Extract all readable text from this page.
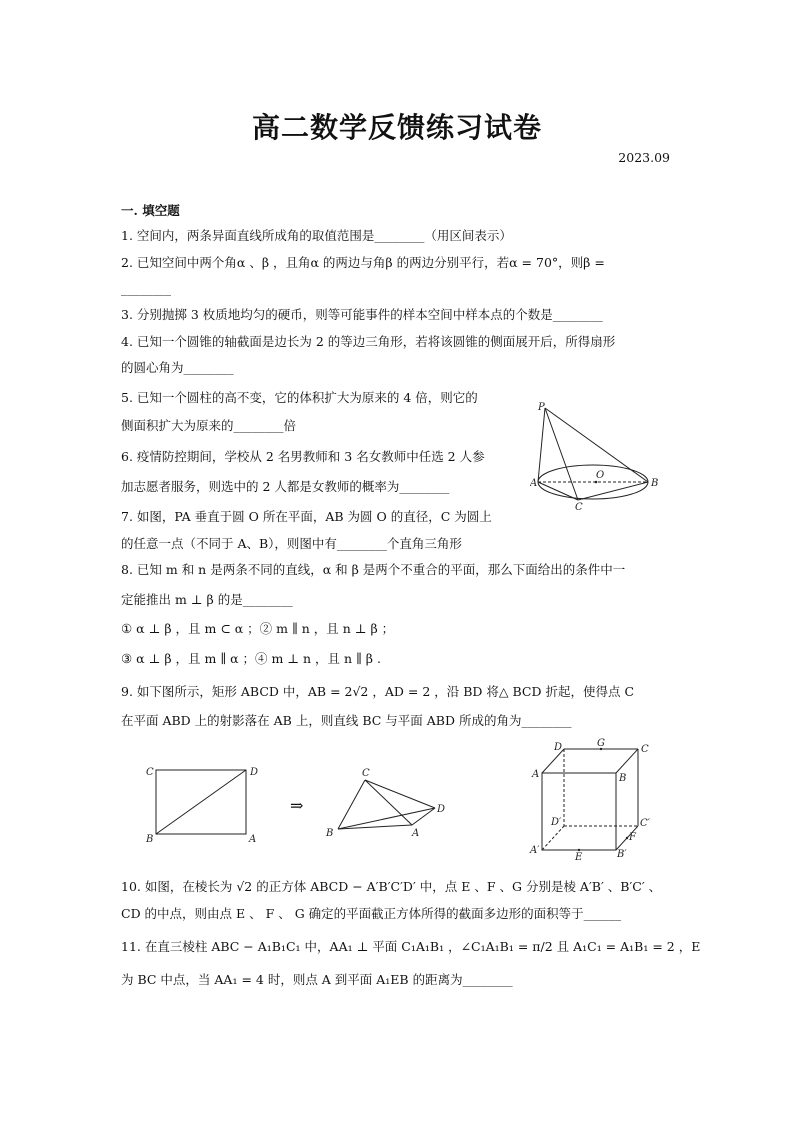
高二数学反馈练习试卷
2023.09
一. 填空题
1. 空间内，两条异面直线所成角的取值范围是________（用区间表示）
2. 已知空间中两个角α 、β ，且角α 的两边与角β 的两边分别平行，若α = 70°，则β =
________
3. 分别抛掷 3 枚质地均匀的硬币，则等可能事件的样本空间中样本点的个数是________
4. 已知一个圆锥的轴截面是边长为 2 的等边三角形，若将该圆锥的侧面展开后，所得扇形
的圆心角为________
5. 已知一个圆柱的高不变，它的体积扩大为原来的 4 倍，则它的
侧面积扩大为原来的________倍
6. 疫情防控期间，学校从 2 名男教师和 3 名女教师中任选 2 人参
加志愿者服务，则选中的 2 人都是女教师的概率为________
7. 如图，PA 垂直于圆 O 所在平面，AB 为圆 O 的直径，C 为圆上
的任意一点（不同于 A、B），则图中有________个直角三角形
8. 已知 m 和 n 是两条不同的直线，α 和 β 是两个不重合的平面，那么下面给出的条件中一
定能推出 m ⊥ β 的是________
① α ⊥ β ，且 m ⊂ α ；② m ∥ n ，且 n ⊥ β ；
③ α ⊥ β ，且 m ∥ α ；④ m ⊥ n ，且 n ∥ β .
9. 如下图所示，矩形 ABCD 中，AB = 2√2 ，AD = 2 ，沿 BD 将△ BCD 折起，使得点 C
在平面 ABD 上的射影落在 AB 上，则直线 BC 与平面 ABD 所成的角为________
10. 如图，在棱长为 √2 的正方体 ABCD − A′B′C′D′ 中，点 E 、F 、G 分别是棱 A′B′ 、B′C′ 、
CD 的中点，则由点 E 、 F 、 G 确定的平面截正方体所得的截面多边形的面积等于______
11. 在直三棱柱 ABC − A₁B₁C₁ 中，AA₁ ⊥ 平面 C₁A₁B₁ ，∠C₁A₁B₁ = π/2 且 A₁C₁ = A₁B₁ = 2 ，E
为 BC 中点，当 AA₁ = 4 时，则点 A 到平面 A₁EB 的距离为________
P
O
A	B
C
C	D
B	A
⇒
C
D
B	A
D	G
C
A	B
D′	C′
A′
E	B′
F
